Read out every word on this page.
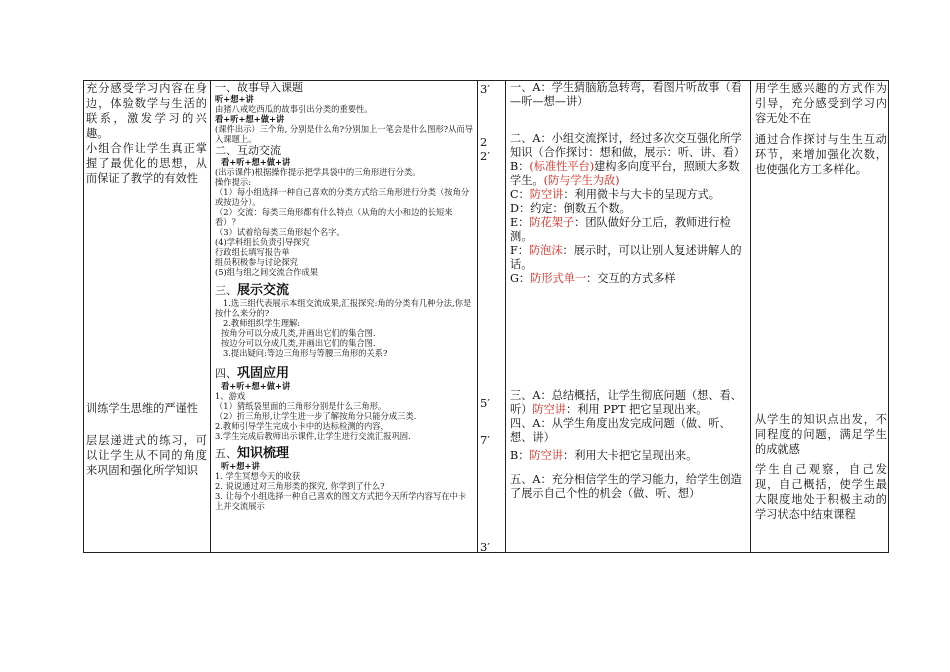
充分感受学习内容在身边，体验数学与生活的联系，激发学习的兴趣。

小组合作让学生真正掌握了最优化的思想，从而保证了教学的有效性

训练学生思维的严谨性

层层递进式的练习，可以让学生从不同的角度来巩固和强化所学知识

一、故事导入课题

听+想+讲

由猪八戒吃西瓜的故事引出分类的重要性。

看+听+想+做+讲

(课件出示）三个角, 分别是什么角?分别加上一笔会是什么图形?从而导入课题上。

二、互动交流

看+听+想+做+讲

(出示课件)根据操作提示把学具袋中的三角形进行分类。

操作提示:

（1）每小组选择一种自己喜欢的分类方式给三角形进行分类（按角分或按边分）。

（2）交流：每类三角形都有什么特点（从角的大小和边的长短来看）？

（3）试着给每类三角形起个名字。

(4)学科组长负责引导探究

行政组长填写报告单

组员积极参与讨论探究

(5)组与组之间交流合作成果

三、展示交流

1.选三组代表展示本组交流成果,汇报探究:角的分类有几种分法,你是按什么来分的?

2.教师组织学生理解:

按角分可以分成几类,并画出它们的集合图.

按边分可以分成几类,并画出它们的集合图.

3.提出疑问:等边三角形与等腰三角形的关系?

四、巩固应用

看+听+想+做+讲

1、游戏

（1）猜纸袋里面的三角形分别是什么三角形。

（2）折三角形,让学生进一步了解按角分只能分成三类.

2.教师引导学生完成小卡中的达标检测的内容，

3.学生完成后教师出示课件,让学生进行交流汇报巩固.

五、知识梳理

听+想+讲

1. 学生冥想今天的收获

2. 说说通过对三角形类的探究, 你学到了什么?

3. 让每个小组选择一种自己喜欢的图文方式把今天所学内容写在中卡上并交流展示

3′

22′

5′

7′

3′

一、A：学生猜脑筋急转弯，看图片听故事（看—听—想—讲）

二、A：小组交流探讨，经过多次交互强化所学知识（合作探讨：想和做，展示：听、讲、看）

B：(标准性平台)建构多向度平台，照顾大多数学生。(防与学生为敌)

C：防空讲：利用微卡与大卡的呈现方式。

D：约定：倒数五个数。

E：防花架子：团队做好分工后，教师进行检测。

F：防泡沫：展示时，可以让别人复述讲解人的话。

G：防形式单一：交互的方式多样

三、A：总结概括，让学生彻底问题（想、看、听）防空讲：利用 PPT 把它呈现出来。

四、A：从学生角度出发完成问题（做、听、想、讲）

B：防空讲：利用大卡把它呈现出来。

五、A：充分相信学生的学习能力，给学生创造了展示自己个性的机会（做、听、想）

用学生感兴趣的方式作为引导，充分感受到学习内容无处不在

通过合作探讨与生生互动环节，来增加强化次数，也使强化方工多样化。

从学生的知识点出发，不同程度的问题，满足学生的成就感

学生自己观察，自己发现，自己概括，使学生最大限度地处于积极主动的学习状态中结束课程
